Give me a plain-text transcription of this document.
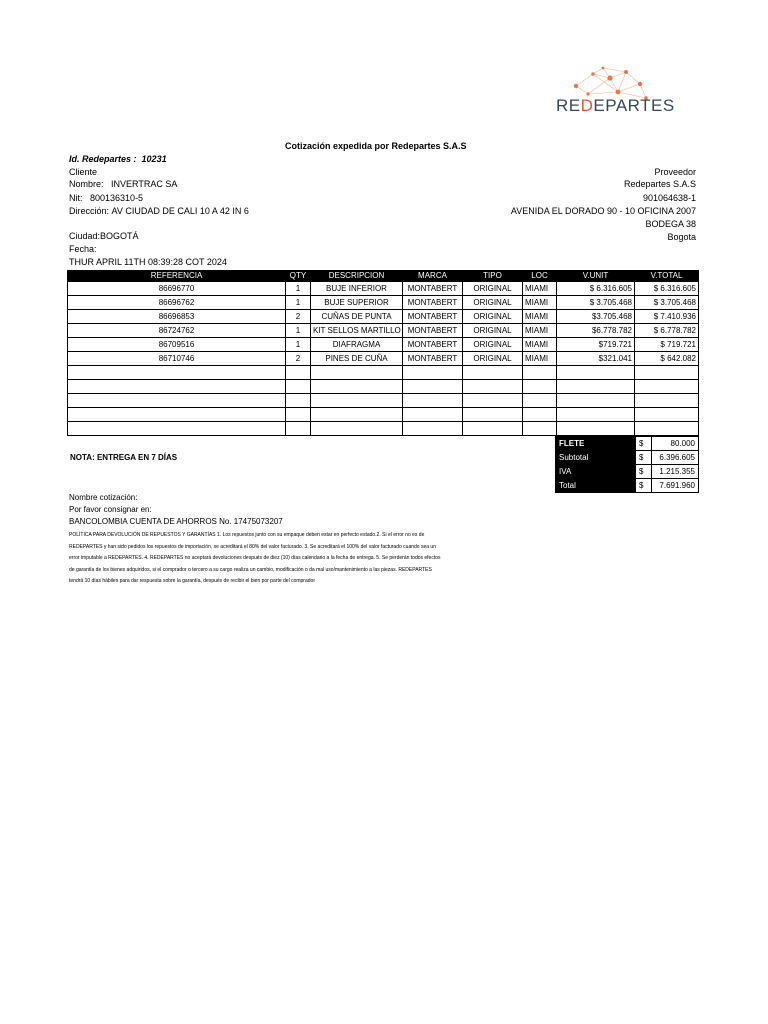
REDEPARTES
Cotización expedida por Redepartes S.A.S
Id. Redepartes : 10231
Cliente
Nombre: INVERTRAC SA
Nit: 800136310-5
Dirección: AV CIUDAD DE CALI 10 A 42 IN 6
Ciudad:BOGOTÁ
Fecha:
THUR APRIL 11TH 08:39:28 COT 2024
Proveedor
Redepartes S.A.S
901064638-1
AVENIDA EL DORADO 90 - 10 OFICINA 2007
BODEGA 38
Bogota
REFERENCIA	QTY	DESCRIPCION	MARCA	TIPO	LOC	V.UNIT	V.TOTAL
86696770	1	BUJE INFERIOR	MONTABERT	ORIGINAL	MIAMI	$ 6.316.605	$ 6.316.605
86696762	1	BUJE SUPERIOR	MONTABERT	ORIGINAL	MIAMI	$ 3.705.468	$ 3.705.468
86696853	2	CUÑAS DE PUNTA	MONTABERT	ORIGINAL	MIAMI	$3.705.468	$ 7.410.936
86724762	1	KIT SELLOS MARTILLO	MONTABERT	ORIGINAL	MIAMI	$6.778.782	$ 6.778.782
86709516	1	DIAFRAGMA	MONTABERT	ORIGINAL	MIAMI	$719.721	$ 719.721
86710746	2	PINES DE CUÑA	MONTABERT	ORIGINAL	MIAMI	$321.041	$ 642.082

NOTA: ENTREGA EN 7 DÍAS
FLETE	$	80.000
Subtotal	$	6.396.605
IVA	$	1.215.355
Total	$	7.691.960
Nombre cotización:
Por favor consignar en:
BANCOLOMBIA CUENTA DE AHORROS No. 17475073207
POLÍTICA PARA DEVOLUCIÓN DE REPUESTOS Y GARANTÍAS 1. Los repuestos junto con su empaque deben estar en perfecto estado.2. Si el error no es de
REDEPARTES y han sido pedidos los repuestos de importación, se acreditará el 80% del valor facturado. 3. Se acreditará el 100% del valor facturado cuando sea un
error imputable a REDEPARTES. 4. REDEPARTES no aceptará devoluciones después de diez (10) días calendario a la fecha de entrega. 5. Se perderán todos efectos
de garantía de los bienes adquiridos, si el comprador o tercero a su cargo realiza un cambio, modificación o da mal uso/mantenimiento a las piezas. REDEPARTES
tendrá 10 días hábiles para dar respuesta sobre la garantía, después de recibir el bien por parte del comprador
